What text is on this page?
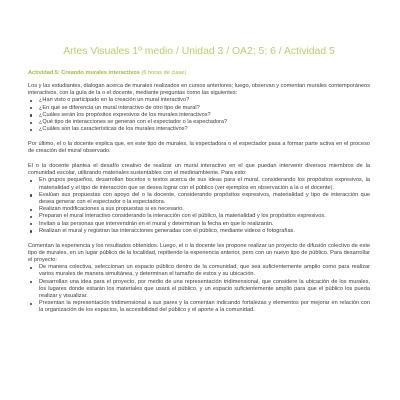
Artes Visuales 1º medio / Unidad 3 / OA2; 5; 6 / Actividad 5
Actividad 5: Creando murales interactivos (6 horas de clase)

Los y las estudiantes, dialogan acerca de murales realizados en cursos anteriores; luego, observan y comentan murales contemporáneos interactivos, con la guía de la o el docente, mediante preguntas como las siguientes:

¿Han visto o participado en la creación un mural interactivo?
¿En qué se diferencia un mural interactivo de otro tipo de mural?
¿Cuáles serán los propósitos expresivos de los murales interactivos?
¿Qué tipo de interacciones se generan con el espectador o la espectadora?
¿Cuáles son las características de los murales interactivos?

Por último, el o la docente explica que, en este tipo de murales, la espectadora o el espectador pasa a formar parte activa en el proceso de creación del mural observado.

El o la docente plantea el desafío creativo de realizar un mural interactivo en el que puedan intervenir diversos miembros de la comunidad escolar, utilizando materiales sustentables con el medioambiente. Para esto:

En grupos pequeños, desarrollan bocetos o textos acerca de sus ideas para el mural, considerando los propósitos expresivos, la materialidad y el tipo de interacción que se desea lograr con el público (ver ejemplos en observación a la o el docente).
Evalúan sus propuestas con apoyo del o la docente, considerando propósitos expresivos, materialidad y tipo de interacción que desea generar con el espectador o la espectadora.
Realizan modificaciones a sus propuestas si es necesario.
Preparan el mural interactivo considerando la interacción con el público, la materialidad y los propósitos expresivos.
Invitan a las personas que intervendrán en el mural y determinan la fecha en que lo realizarán.
Realizan el mural y registran las interacciones generadas con el público, mediante videos o fotografías.

Comentan la experiencia y los resultados obtenidos. Luego, el o la docente les propone realizar un proyecto de difusión colectivo de este tipo de murales, en un lugar público de la localidad, repitiendo la experiencia anterior, pero con un nuevo tipo de público. Para desarrollar el proyecto:

De manera colectiva, seleccionan un espacio público dentro de la comunidad, que sea suficientemente amplio como para realizar varios murales de manera simultánea, y determinan el tamaño de estos y su ubicación.
Desarrollan una idea para el proyecto, por medio de una representación tridimensional, que considere la ubicación de los murales, los lugares donde estarán los materiales que usará el público, y un espacio suficientemente amplio para que el público los pueda realizar y visualizar.
Presentan la representación tridimensional a sus pares y la comentan indicando fortalezas y elementos por mejorar en relación con la organización de los espacios, la accesibilidad del público y el aporte a la comunidad.
